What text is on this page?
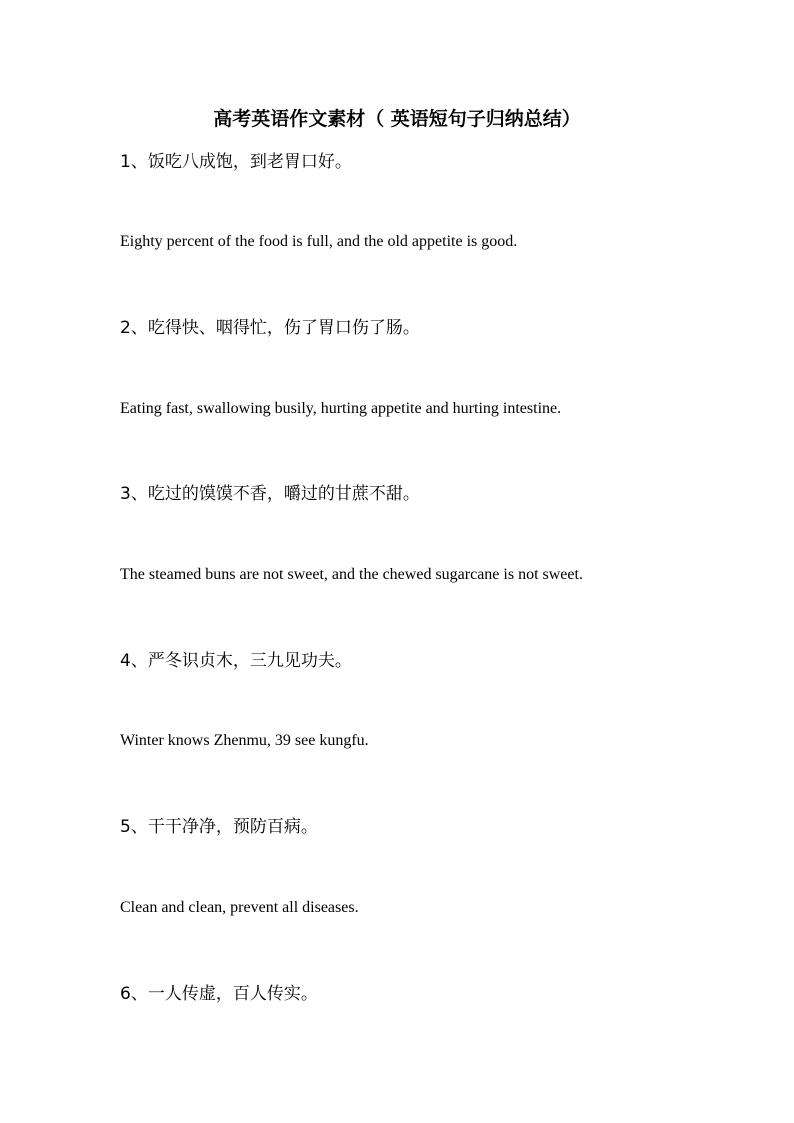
高考英语作文素材（ 英语短句子归纳总结）
1、饭吃八成饱，到老胃口好。
Eighty percent of the food is full, and the old appetite is good.
2、吃得快、咽得忙，伤了胃口伤了肠。
Eating fast, swallowing busily, hurting appetite and hurting intestine.
3、吃过的馍馍不香，嚼过的甘蔗不甜。
The steamed buns are not sweet, and the chewed sugarcane is not sweet.
4、严冬识贞木，三九见功夫。
Winter knows Zhenmu, 39 see kungfu.
5、干干净净，预防百病。
Clean and clean, prevent all diseases.
6、一人传虚，百人传实。
